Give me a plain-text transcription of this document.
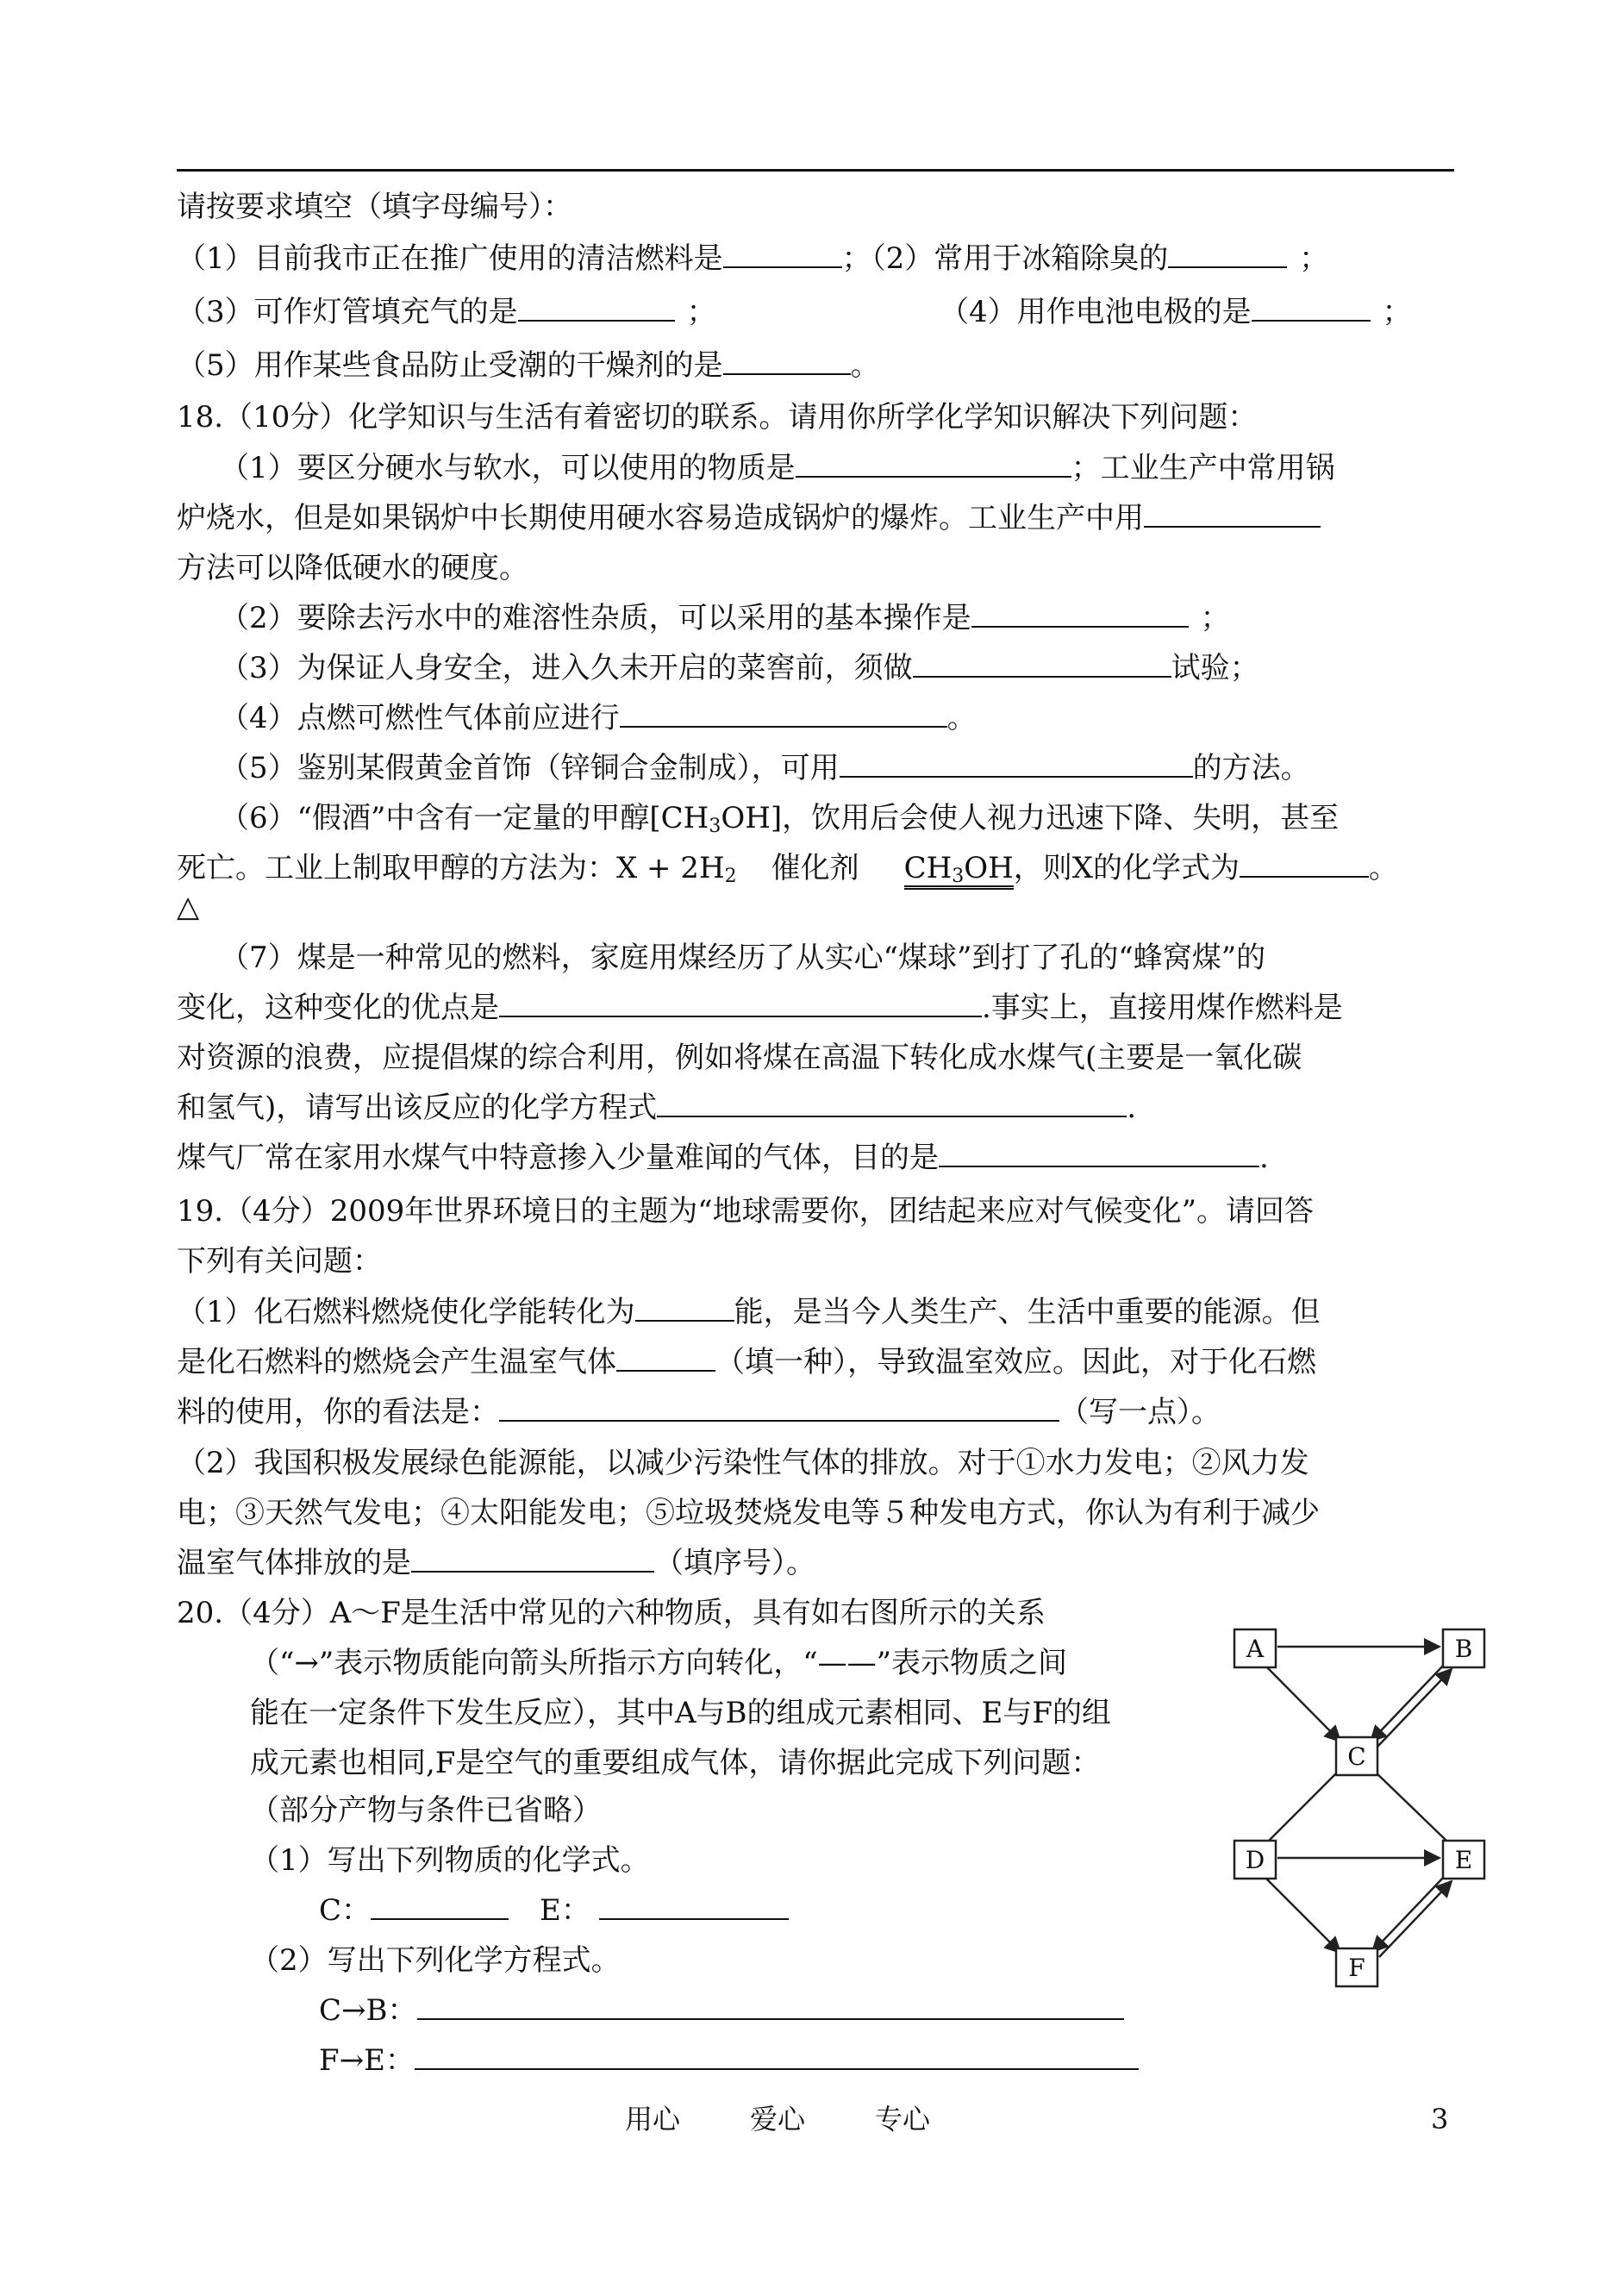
请按要求填空（填字母编号）：
（1）目前我市正在推广使用的清洁燃料是	；（2）常用于冰箱除臭的	；
（3）可作灯管填充气的是	；	（4）用作电池电极的是	；
（5）用作某些食品防止受潮的干燥剂的是	。
18.（10分）化学知识与生活有着密切的联系。请用你所学化学知识解决下列问题：
（1）要区分硬水与软水，可以使用的物质是	；工业生产中常用锅
炉烧水，但是如果锅炉中长期使用硬水容易造成锅炉的爆炸。工业生产中用
方法可以降低硬水的硬度。
（2）要除去污水中的难溶性杂质，可以采用的基本操作是	；
（3）为保证人身安全，进入久未开启的菜窖前，须做	试验；
（4）点燃可燃性气体前应进行	。
（5）鉴别某假黄金首饰（锌铜合金制成），可用	的方法。
（6）“假酒”中含有一定量的甲醇$[CH_3OH]$，饮用后会使人视力迅速下降、失明，甚至
死亡。工业上制取甲醇的方法为：$X + 2H_2$ 催化剂 $CH_3OH$，则X的化学式为	。
△
（7）煤是一种常见的燃料，家庭用煤经历了从实心“煤球”到打了孔的“蜂窝煤”的
变化，这种变化的优点是	.事实上，直接用煤作燃料是
对资源的浪费，应提倡煤的综合利用，例如将煤在高温下转化成水煤气(主要是一氧化碳
和氢气)，请写出该反应的化学方程式	.
煤气厂常在家用水煤气中特意掺入少量难闻的气体，目的是	.
19.（4分）2009年世界环境日的主题为“地球需要你，团结起来应对气候变化”。请回答
下列有关问题：
（1）化石燃料燃烧使化学能转化为	能，是当今人类生产、生活中重要的能源。但
是化石燃料的燃烧会产生温室气体	（填一种），导致温室效应。因此，对于化石燃
料的使用，你的看法是：	（写一点）。
（2）我国积极发展绿色能源能，以减少污染性气体的排放。对于①水力发电；②风力发
电；③天然气发电；④太阳能发电；⑤垃圾焚烧发电等５种发电方式，你认为有利于减少
温室气体排放的是	（填序号）。
20.（4分）A～F是生活中常见的六种物质，具有如右图所示的关系
（“→”表示物质能向箭头所指示方向转化，“——”表示物质之间
能在一定条件下发生反应），其中A与B的组成元素相同、E与F的组
成元素也相同,F是空气的重要组成气体，请你据此完成下列问题：
（部分产物与条件已省略）
（1）写出下列物质的化学式。
C：	E：
（2）写出下列化学方程式。
C→B：
F→E：
A	B
C
D	E
F
用心	爱心	专心	3
